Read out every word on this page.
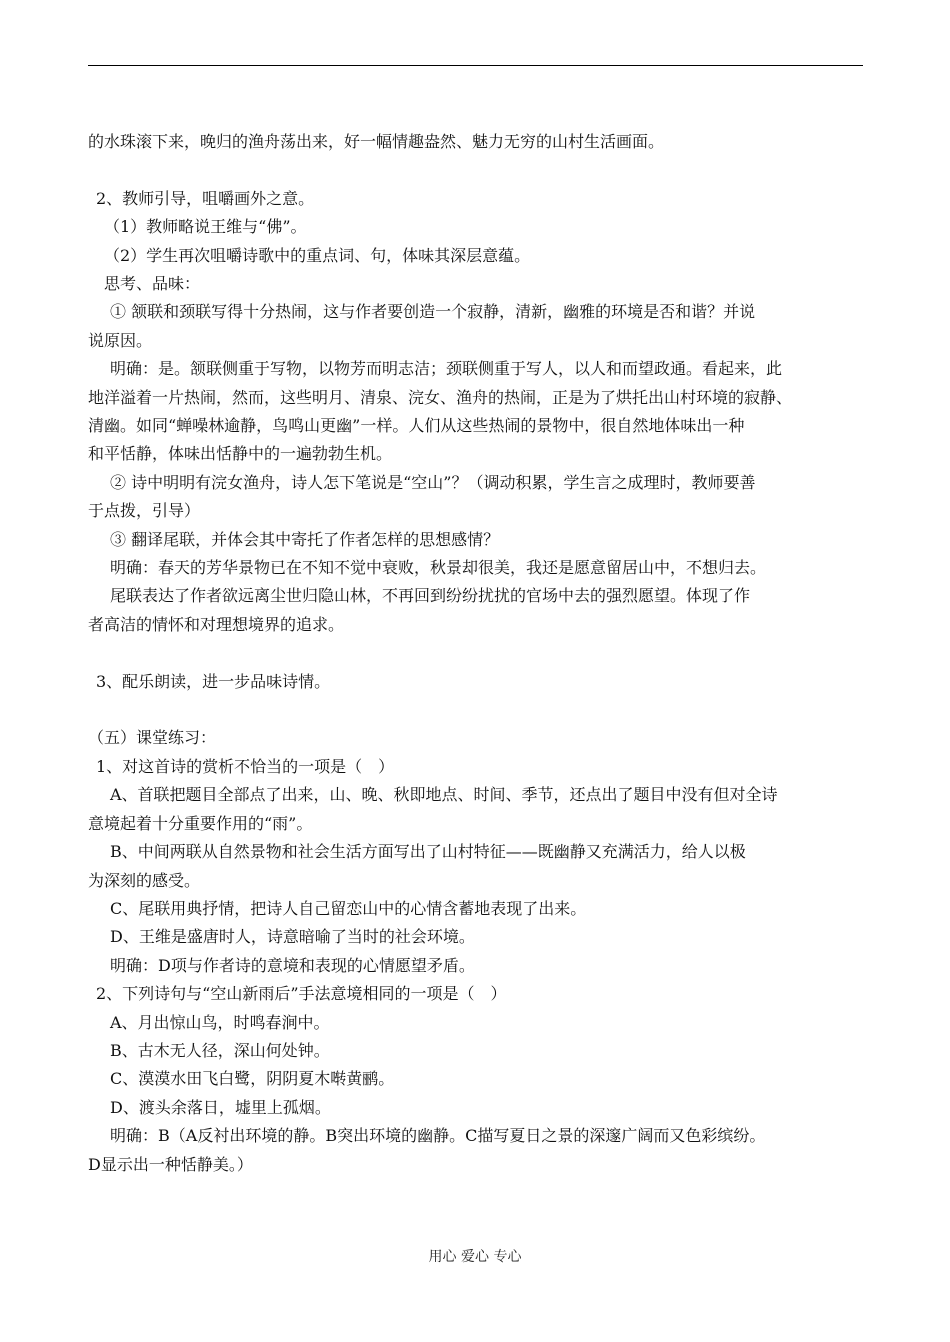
的水珠滚下来，晚归的渔舟荡出来，好一幅情趣盎然、魅力无穷的山村生活画面。
2、教师引导，咀嚼画外之意。
（1）教师略说王维与“佛”。
（2）学生再次咀嚼诗歌中的重点词、句，体味其深层意蕴。
思考、品味：
① 颔联和颈联写得十分热闹，这与作者要创造一个寂静，清新，幽雅的环境是否和谐？并说
说原因。
明确：是。颔联侧重于写物，以物芳而明志洁；颈联侧重于写人，以人和而望政通。看起来，此
地洋溢着一片热闹，然而，这些明月、清泉、浣女、渔舟的热闹，正是为了烘托出山村环境的寂静、
清幽。如同“蝉噪林逾静，鸟鸣山更幽”一样。人们从这些热闹的景物中，很自然地体味出一种
和平恬静，体味出恬静中的一遍勃勃生机。
② 诗中明明有浣女渔舟，诗人怎下笔说是“空山”？（调动积累，学生言之成理时，教师要善
于点拨，引导）
③ 翻译尾联，并体会其中寄托了作者怎样的思想感情？
明确：春天的芳华景物已在不知不觉中衰败，秋景却很美，我还是愿意留居山中，不想归去。
尾联表达了作者欲远离尘世归隐山林，不再回到纷纷扰扰的官场中去的强烈愿望。体现了作
者高洁的情怀和对理想境界的追求。
3、配乐朗读，进一步品味诗情。
（五）课堂练习：
1、对这首诗的赏析不恰当的一项是（　）
A、首联把题目全部点了出来，山、晚、秋即地点、时间、季节，还点出了题目中没有但对全诗
意境起着十分重要作用的“雨”。
B、中间两联从自然景物和社会生活方面写出了山村特征——既幽静又充满活力，给人以极
为深刻的感受。
C、尾联用典抒情，把诗人自己留恋山中的心情含蓄地表现了出来。
D、王维是盛唐时人，诗意暗喻了当时的社会环境。
明确：D项与作者诗的意境和表现的心情愿望矛盾。
2、下列诗句与“空山新雨后”手法意境相同的一项是（　）
A、月出惊山鸟，时鸣春涧中。
B、古木无人径，深山何处钟。
C、漠漠水田飞白鹭，阴阴夏木啭黄鹂。
D、渡头余落日，墟里上孤烟。
明确：B（A反衬出环境的静。B突出环境的幽静。C描写夏日之景的深邃广阔而又色彩缤纷。
D显示出一种恬静美。）
用心 爱心 专心
